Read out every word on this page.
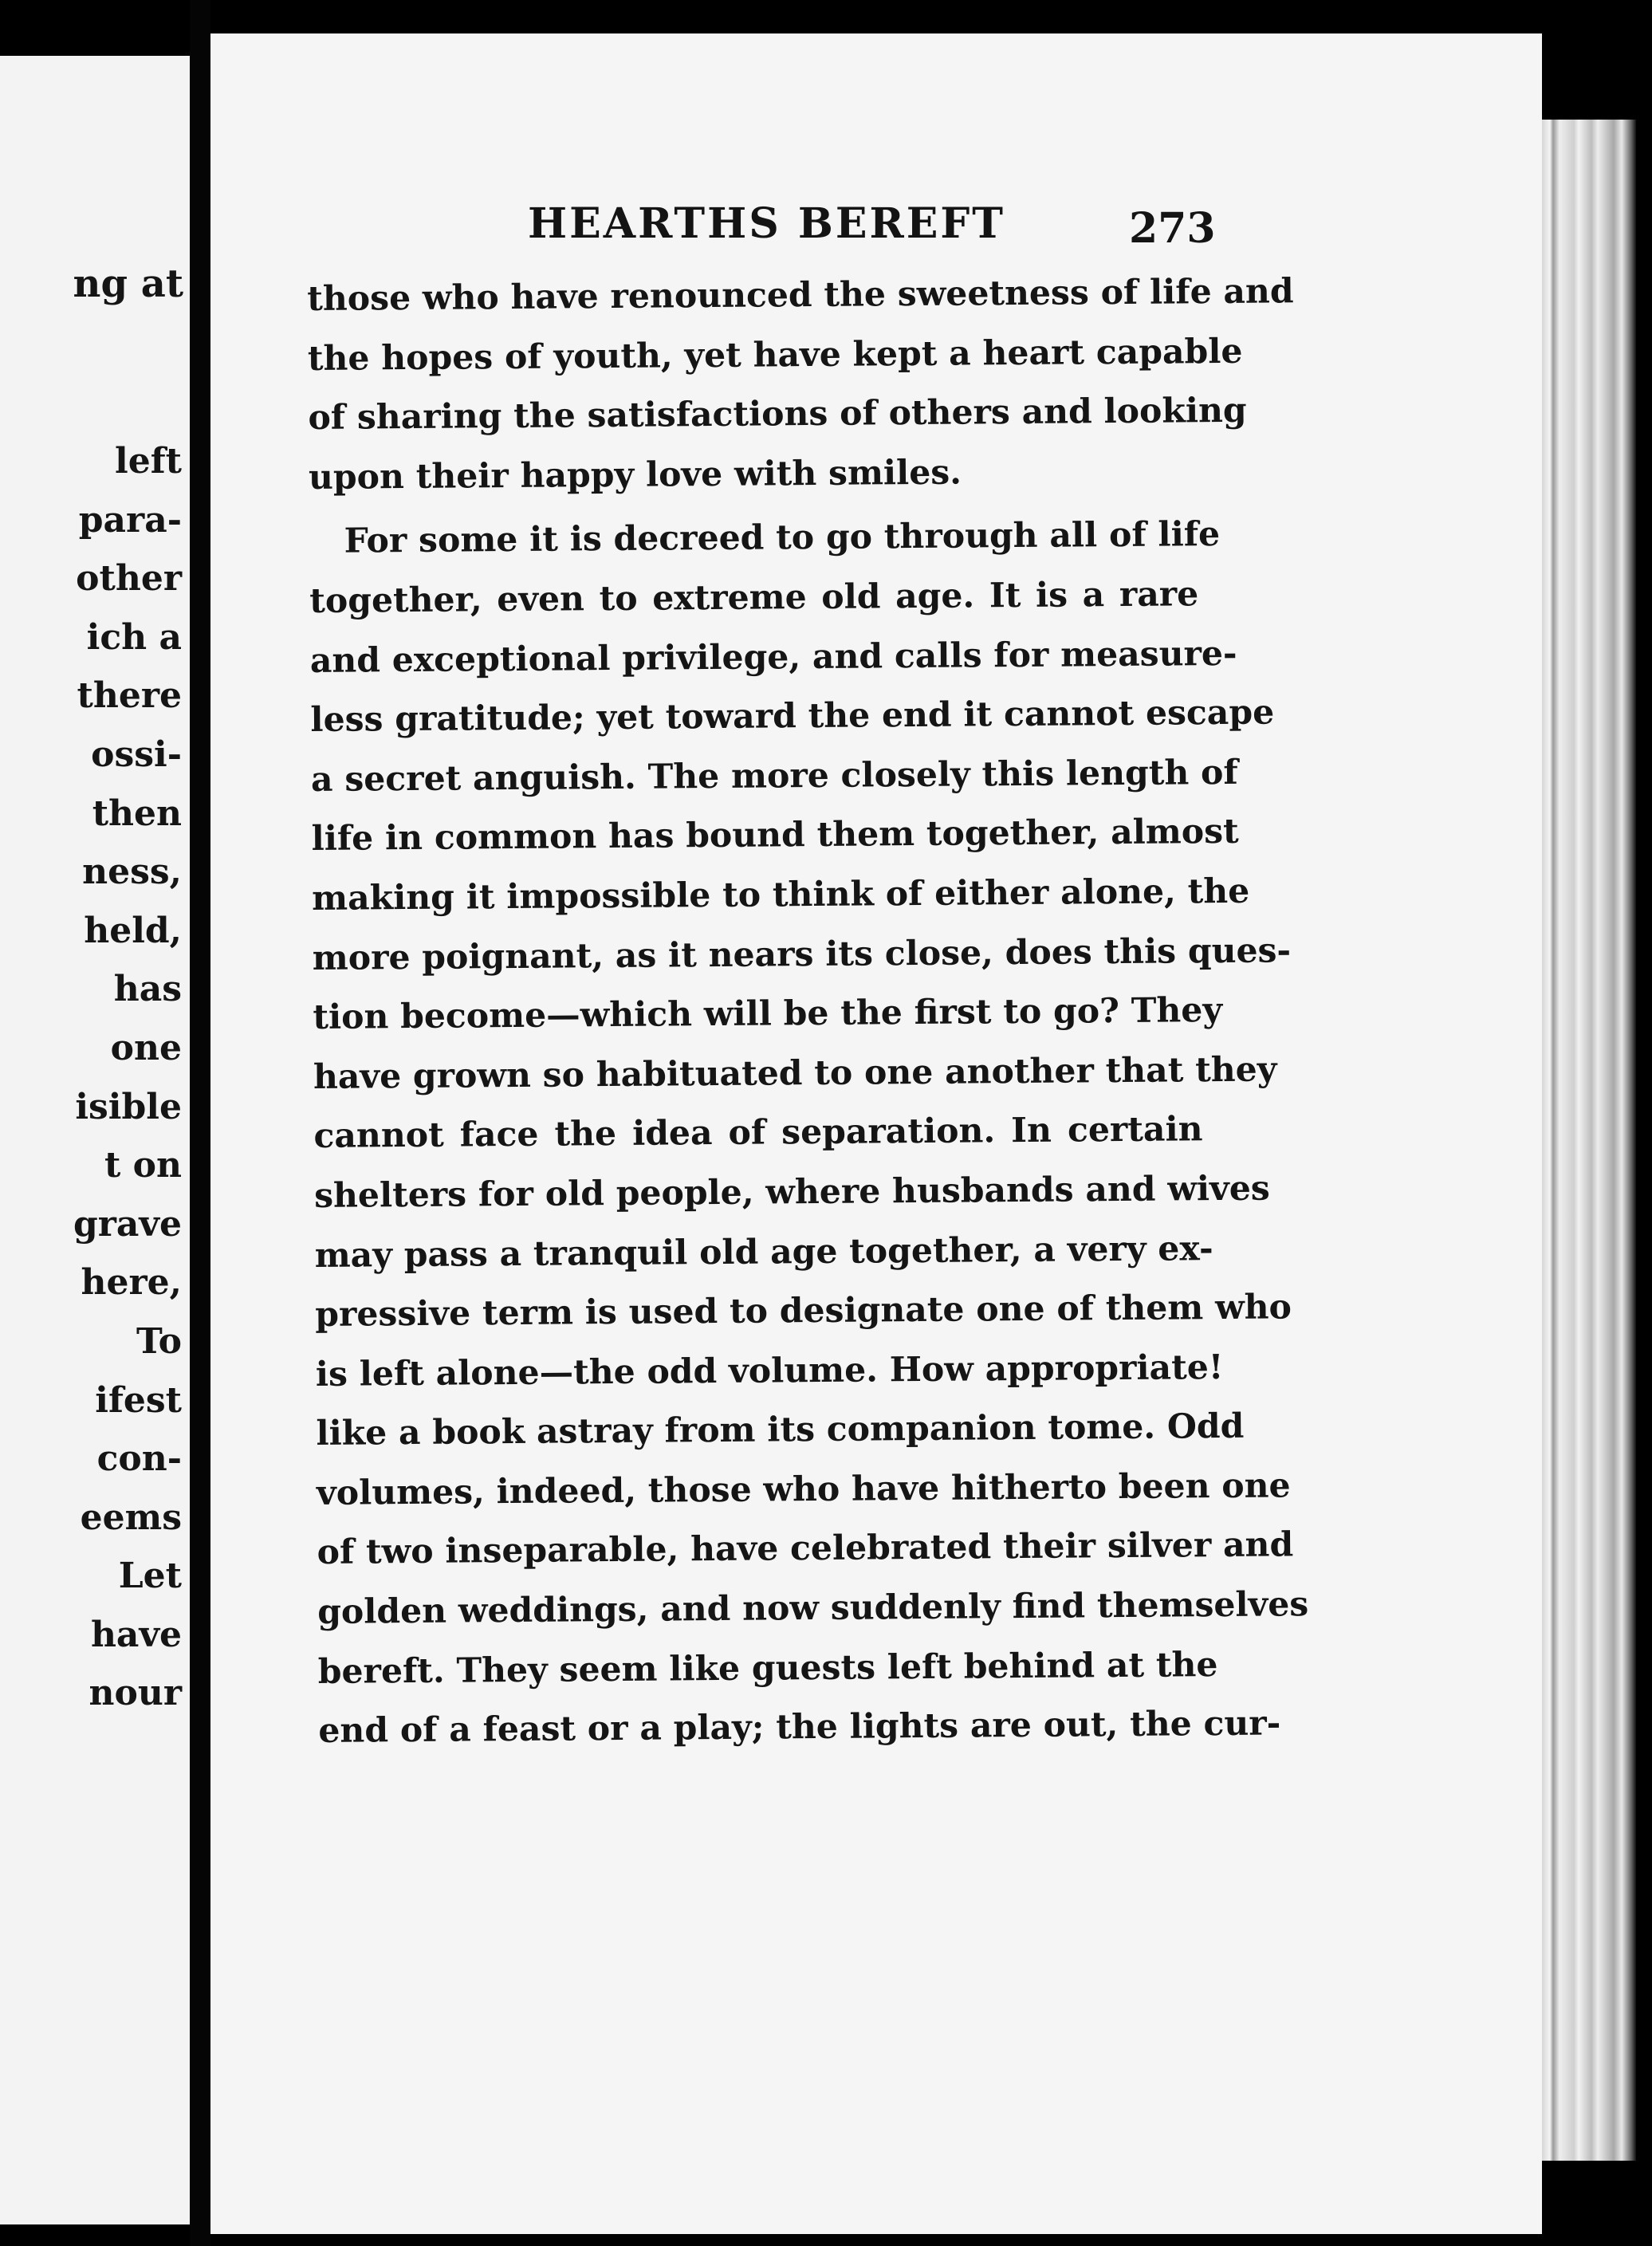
ng at
left
para-
other
ich a
there
ossi-
then
ness,
held,
has
one
isible
t on
grave
here,
To
ifest
con-
eems
Let
have
nour
HEARTHS BEREFT	273
those who have renounced the sweetness of life and
the hopes of youth, yet have kept a heart capable
of sharing the satisfactions of others and looking
upon their happy love with smiles.
For some it is decreed to go through all of life
together, even to extreme old age. It is a rare
and exceptional privilege, and calls for measure-
less gratitude; yet toward the end it cannot escape
a secret anguish. The more closely this length of
life in common has bound them together, almost
making it impossible to think of either alone, the
more poignant, as it nears its close, does this ques-
tion become—which will be the first to go? They
have grown so habituated to one another that they
cannot face the idea of separation. In certain
shelters for old people, where husbands and wives
may pass a tranquil old age together, a very ex-
pressive term is used to designate one of them who
is left alone—the odd volume. How appropriate!
like a book astray from its companion tome. Odd
volumes, indeed, those who have hitherto been one
of two inseparable, have celebrated their silver and
golden weddings, and now suddenly find themselves
bereft. They seem like guests left behind at the
end of a feast or a play; the lights are out, the cur-
